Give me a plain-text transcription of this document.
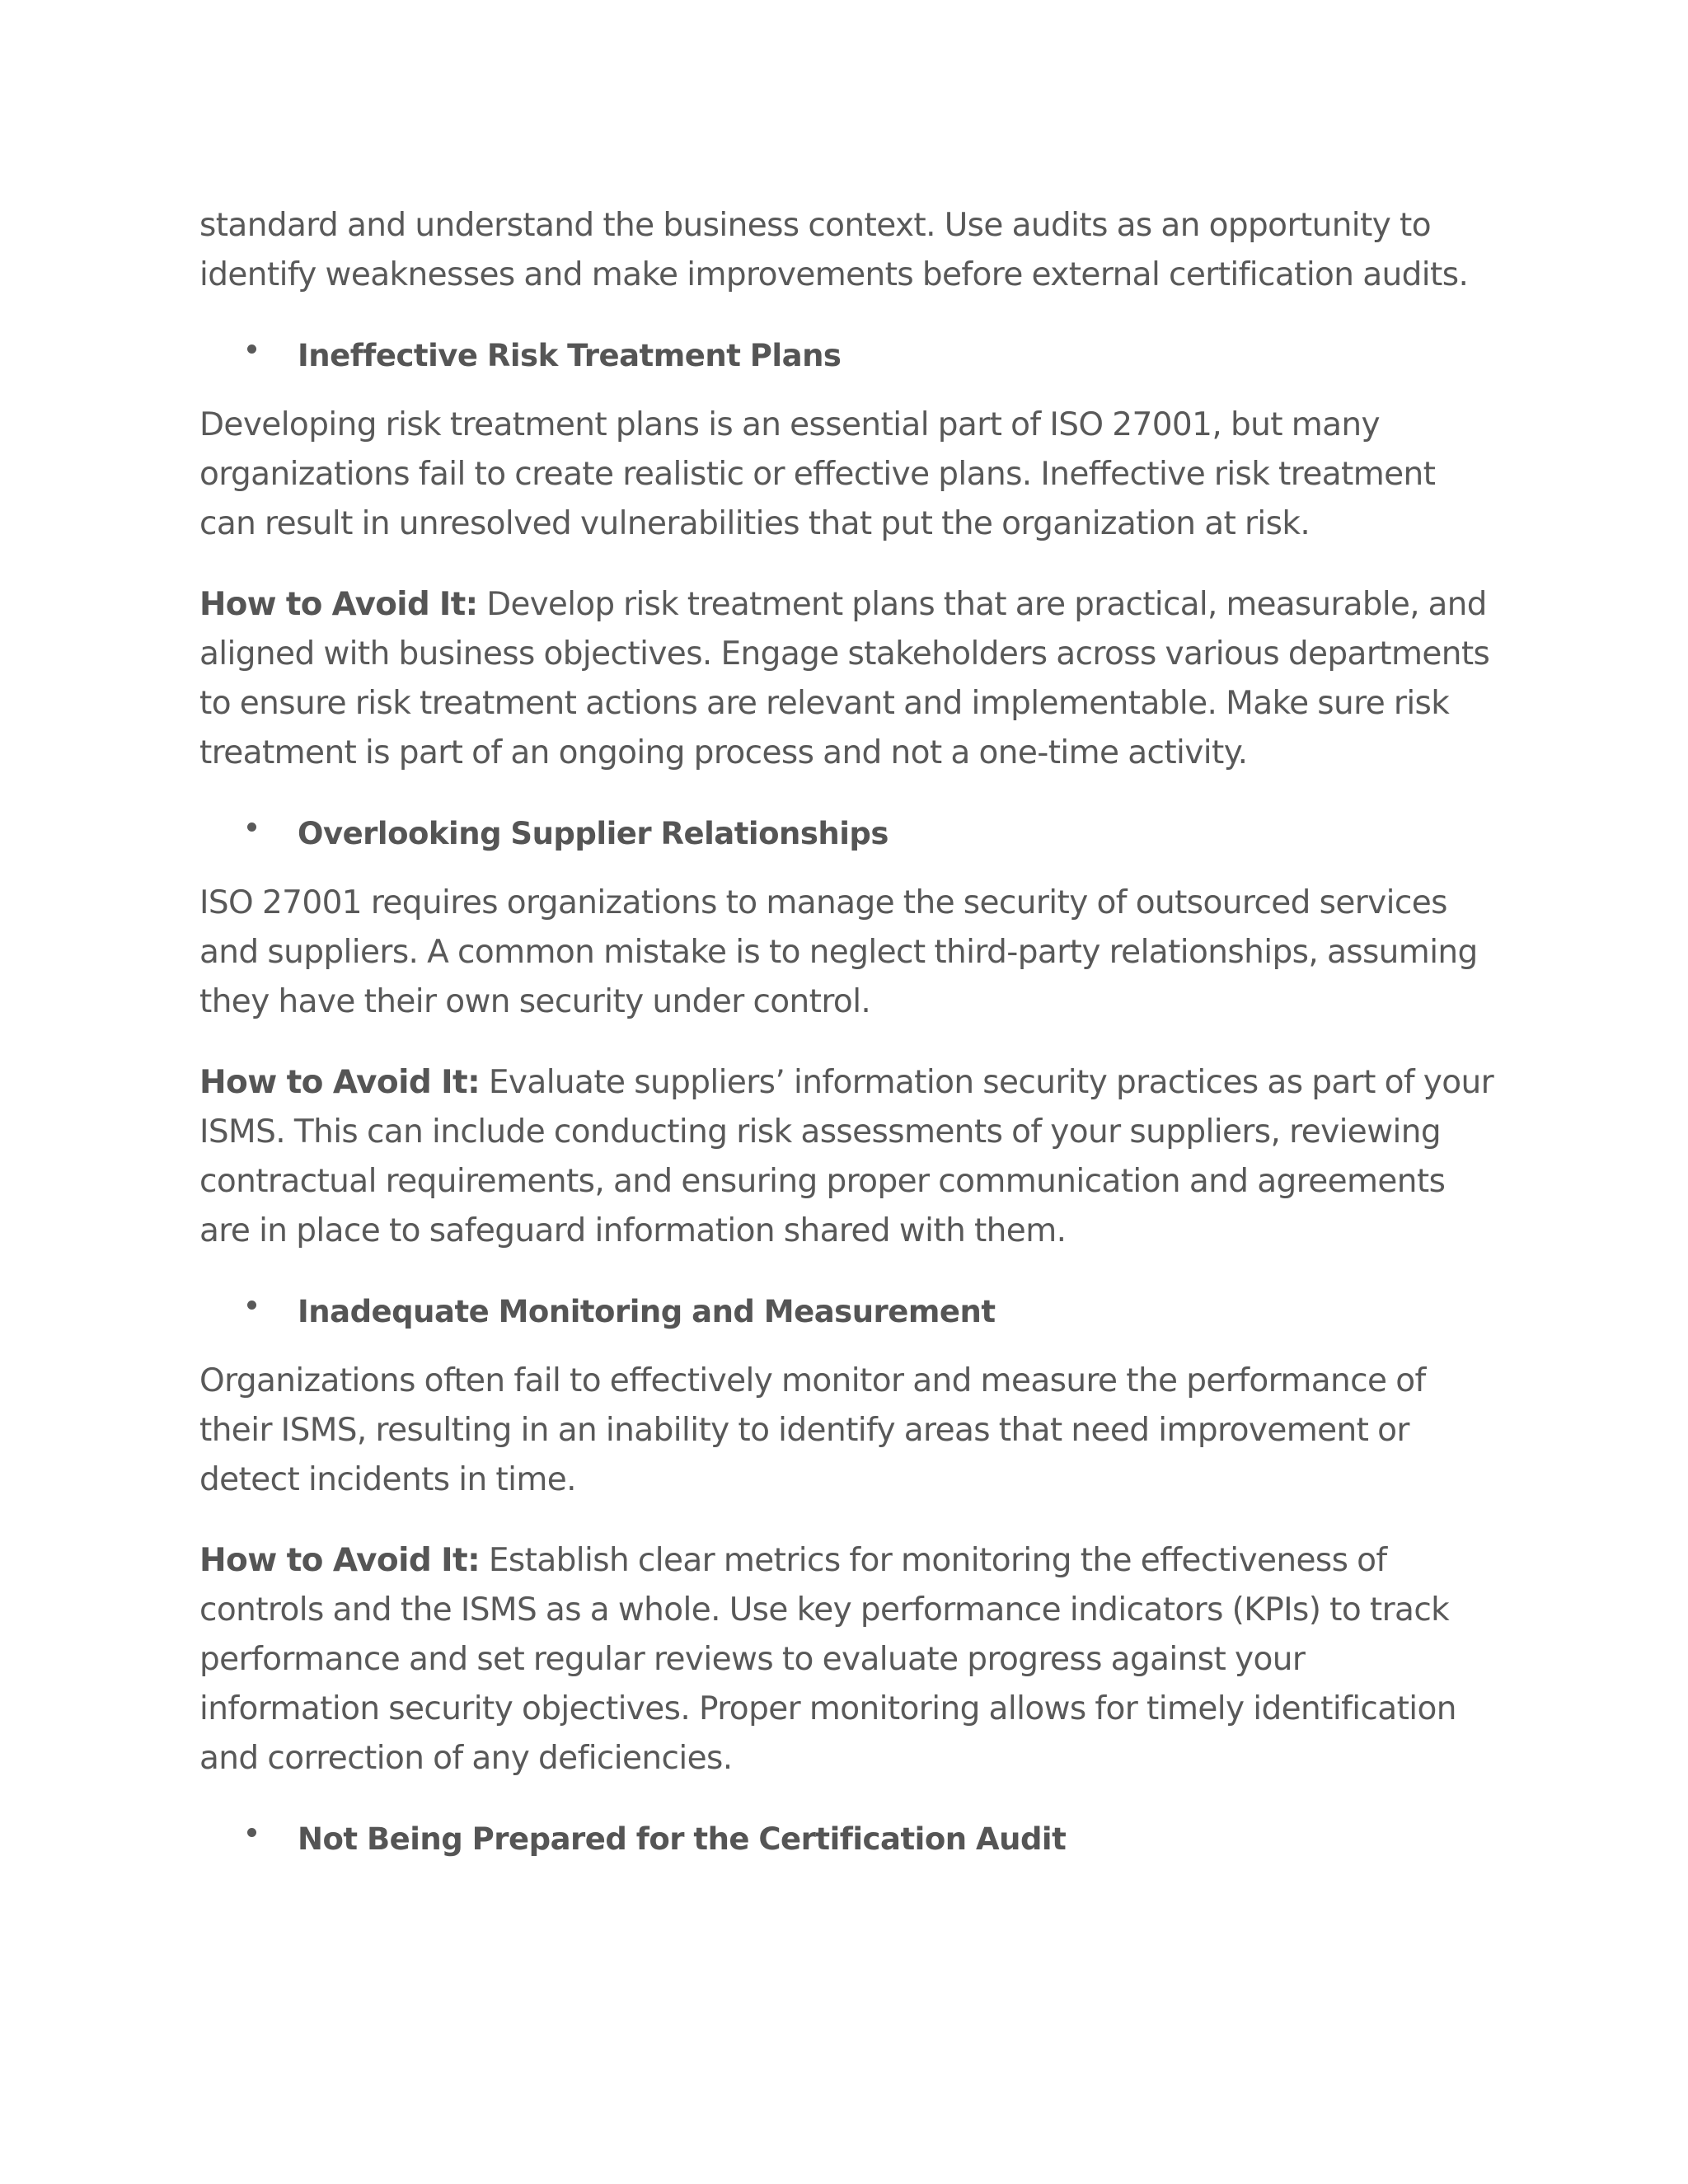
standard and understand the business context. Use audits as an opportunity to
identify weaknesses and make improvements before external certification audits.

Ineffective Risk Treatment Plans

Developing risk treatment plans is an essential part of ISO 27001, but many
organizations fail to create realistic or effective plans. Ineffective risk treatment
can result in unresolved vulnerabilities that put the organization at risk.

How to Avoid It: Develop risk treatment plans that are practical, measurable, and
aligned with business objectives. Engage stakeholders across various departments
to ensure risk treatment actions are relevant and implementable. Make sure risk
treatment is part of an ongoing process and not a one-time activity.

Overlooking Supplier Relationships

ISO 27001 requires organizations to manage the security of outsourced services
and suppliers. A common mistake is to neglect third-party relationships, assuming
they have their own security under control.

How to Avoid It: Evaluate suppliers’ information security practices as part of your
ISMS. This can include conducting risk assessments of your suppliers, reviewing
contractual requirements, and ensuring proper communication and agreements
are in place to safeguard information shared with them.

Inadequate Monitoring and Measurement

Organizations often fail to effectively monitor and measure the performance of
their ISMS, resulting in an inability to identify areas that need improvement or
detect incidents in time.

How to Avoid It: Establish clear metrics for monitoring the effectiveness of
controls and the ISMS as a whole. Use key performance indicators (KPIs) to track
performance and set regular reviews to evaluate progress against your
information security objectives. Proper monitoring allows for timely identification
and correction of any deficiencies.

Not Being Prepared for the Certification Audit
